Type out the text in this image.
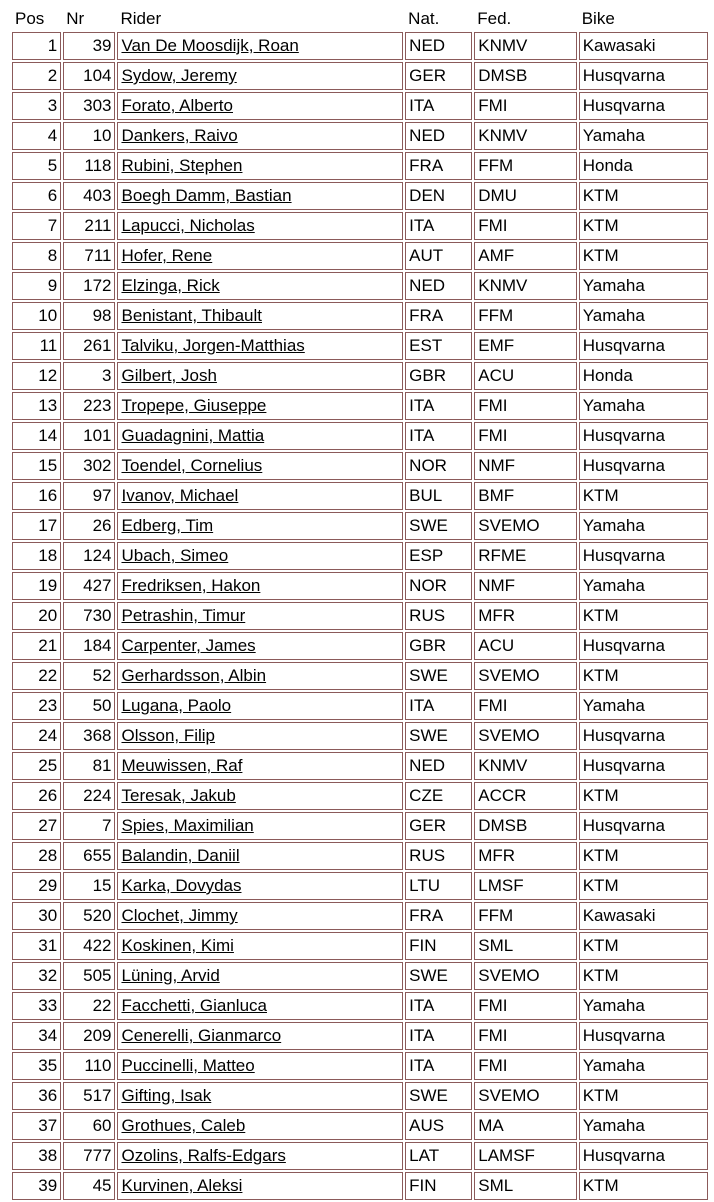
Pos	Nr	Rider	Nat.	Fed.	Bike
1	39	Van De Moosdijk, Roan	NED	KNMV	Kawasaki
2	104	Sydow, Jeremy	GER	DMSB	Husqvarna
3	303	Forato, Alberto	ITA	FMI	Husqvarna
4	10	Dankers, Raivo	NED	KNMV	Yamaha
5	118	Rubini, Stephen	FRA	FFM	Honda
6	403	Boegh Damm, Bastian	DEN	DMU	KTM
7	211	Lapucci, Nicholas	ITA	FMI	KTM
8	711	Hofer, Rene	AUT	AMF	KTM
9	172	Elzinga, Rick	NED	KNMV	Yamaha
10	98	Benistant, Thibault	FRA	FFM	Yamaha
11	261	Talviku, Jorgen-Matthias	EST	EMF	Husqvarna
12	3	Gilbert, Josh	GBR	ACU	Honda
13	223	Tropepe, Giuseppe	ITA	FMI	Yamaha
14	101	Guadagnini, Mattia	ITA	FMI	Husqvarna
15	302	Toendel, Cornelius	NOR	NMF	Husqvarna
16	97	Ivanov, Michael	BUL	BMF	KTM
17	26	Edberg, Tim	SWE	SVEMO	Yamaha
18	124	Ubach, Simeo	ESP	RFME	Husqvarna
19	427	Fredriksen, Hakon	NOR	NMF	Yamaha
20	730	Petrashin, Timur	RUS	MFR	KTM
21	184	Carpenter, James	GBR	ACU	Husqvarna
22	52	Gerhardsson, Albin	SWE	SVEMO	KTM
23	50	Lugana, Paolo	ITA	FMI	Yamaha
24	368	Olsson, Filip	SWE	SVEMO	Husqvarna
25	81	Meuwissen, Raf	NED	KNMV	Husqvarna
26	224	Teresak, Jakub	CZE	ACCR	KTM
27	7	Spies, Maximilian	GER	DMSB	Husqvarna
28	655	Balandin, Daniil	RUS	MFR	KTM
29	15	Karka, Dovydas	LTU	LMSF	KTM
30	520	Clochet, Jimmy	FRA	FFM	Kawasaki
31	422	Koskinen, Kimi	FIN	SML	KTM
32	505	Lüning, Arvid	SWE	SVEMO	KTM
33	22	Facchetti, Gianluca	ITA	FMI	Yamaha
34	209	Cenerelli, Gianmarco	ITA	FMI	Husqvarna
35	110	Puccinelli, Matteo	ITA	FMI	Yamaha
36	517	Gifting, Isak	SWE	SVEMO	KTM
37	60	Grothues, Caleb	AUS	MA	Yamaha
38	777	Ozolins, Ralfs-Edgars	LAT	LAMSF	Husqvarna
39	45	Kurvinen, Aleksi	FIN	SML	KTM
